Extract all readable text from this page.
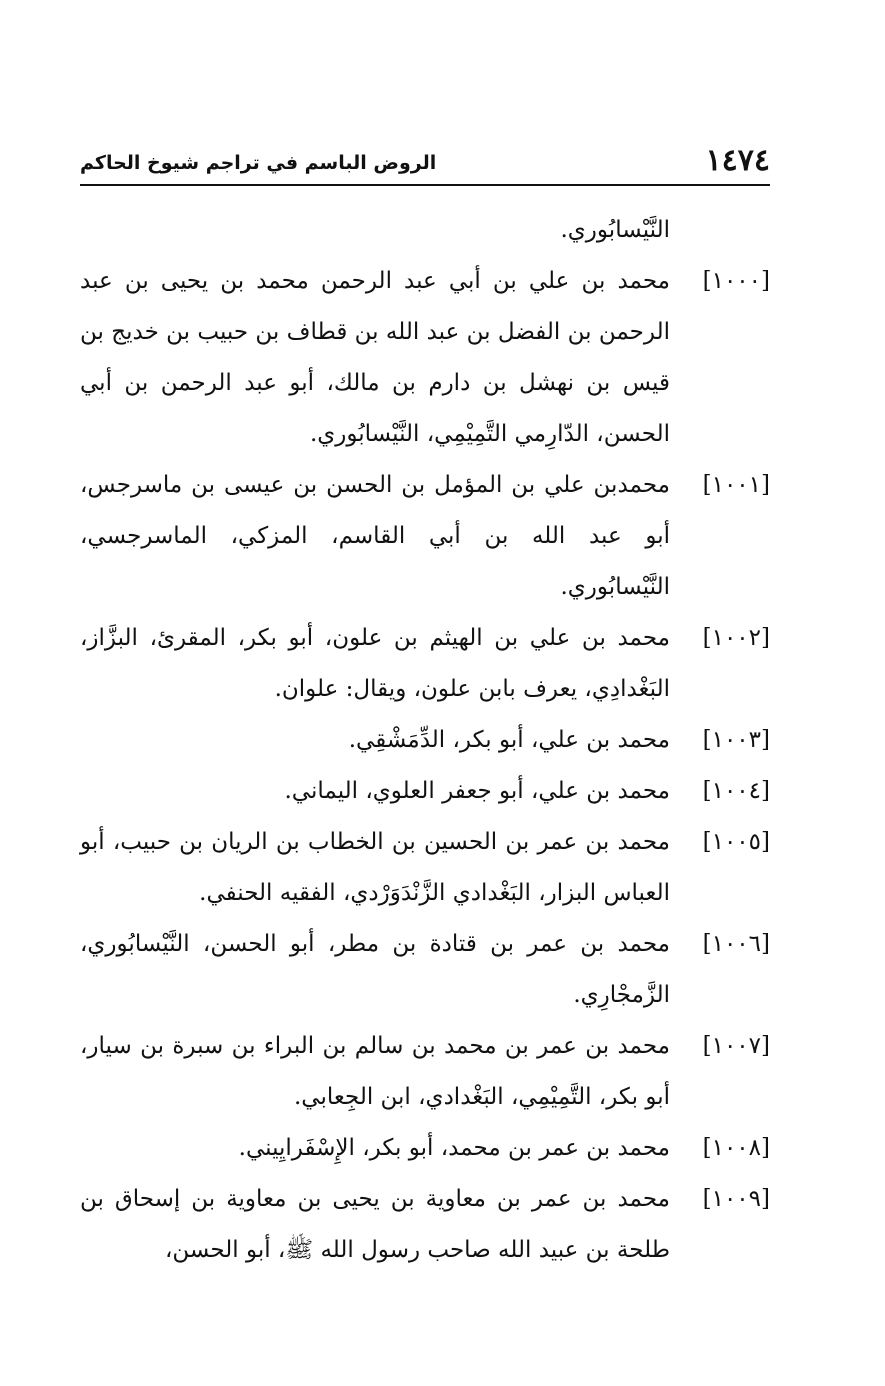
١٤٧٤
الروض الباسم في تراجم شيوخ الحاكم
النَّيْسابُوري.
[١٠٠٠]
محمد بن علي بن أبي عبد الرحمن محمد بن يحيى بن عبد الرحمن بن الفضل بن عبد الله بن قطاف بن حبيب بن خديج بن قيس بن نهشل بن دارم بن مالك، أبو عبد الرحمن بن أبي الحسن، الدّارِمي التَّمِيْمِي، النَّيْسابُوري.
[١٠٠١]
محمدبن علي بن المؤمل بن الحسن بن عيسى بن ماسرجس، أبو عبد الله بن أبي القاسم، المزكي، الماسرجسي، النَّيْسابُوري.
[١٠٠٢]
محمد بن علي بن الهيثم بن علون، أبو بكر، المقرئ، البزَّاز، البَغْدادِي، يعرف بابن علون، ويقال: علوان.
[١٠٠٣]
محمد بن علي، أبو بكر، الدِّمَشْقِي.
[١٠٠٤]
محمد بن علي، أبو جعفر العلوي، اليماني.
[١٠٠٥]
محمد بن عمر بن الحسين بن الخطاب بن الريان بن حبيب، أبو العباس البزار، البَغْدادي الزَّنْدَوَرْدي، الفقيه الحنفي.
[١٠٠٦]
محمد بن عمر بن قتادة بن مطر، أبو الحسن، النَّيْسابُوري، الزَّمجْارِي.
[١٠٠٧]
محمد بن عمر بن محمد بن سالم بن البراء بن سبرة بن سيار، أبو بكر، التَّمِيْمِي، البَغْدادي، ابن الجِعابي.
[١٠٠٨]
محمد بن عمر بن محمد، أبو بكر، الإِسْفَرايِيني.
[١٠٠٩]
محمد بن عمر بن معاوية بن يحيى بن معاوية بن إسحاق بن طلحة بن عبيد الله صاحب رسول الله ﷺ، أبو الحسن،
